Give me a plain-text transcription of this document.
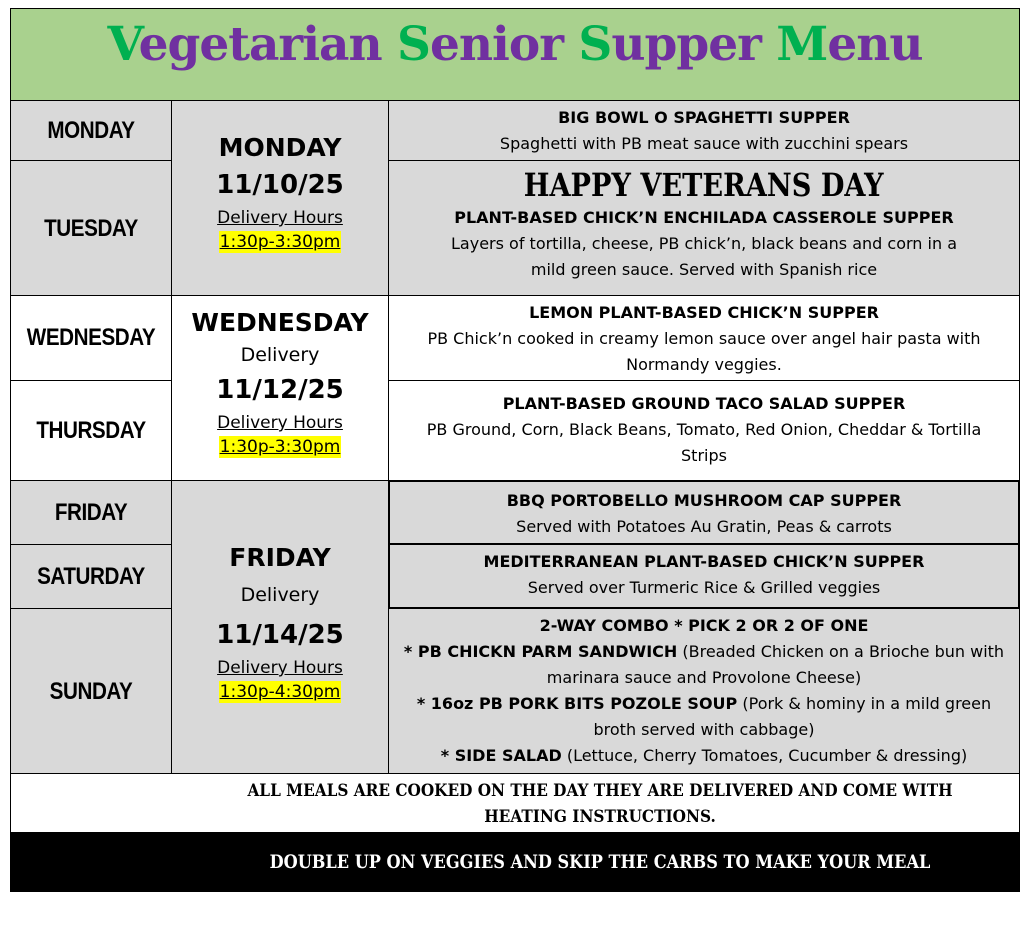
Vegetarian Senior Supper Menu
MONDAY
TUESDAY
WEDNESDAY
THURSDAY
FRIDAY
SATURDAY
SUNDAY
MONDAY
11/10/25
Delivery Hours
1:30p-3:30pm
WEDNESDAY
Delivery
11/12/25
Delivery Hours
1:30p-3:30pm
FRIDAY
Delivery
11/14/25
Delivery Hours
1:30p-4:30pm
BIG BOWL O SPAGHETTI SUPPER
Spaghetti with PB meat sauce with zucchini spears
HAPPY VETERANS DAY
PLANT-BASED CHICK’N ENCHILADA CASSEROLE SUPPER
Layers of tortilla, cheese, PB chick’n, black beans and corn in a
mild green sauce. Served with Spanish rice
LEMON PLANT-BASED CHICK’N SUPPER
PB Chick’n cooked in creamy lemon sauce over angel hair pasta with
Normandy veggies.
PLANT-BASED GROUND TACO SALAD SUPPER
PB Ground, Corn, Black Beans, Tomato, Red Onion, Cheddar & Tortilla
Strips
BBQ PORTOBELLO MUSHROOM CAP SUPPER
Served with Potatoes Au Gratin, Peas & carrots
MEDITERRANEAN PLANT-BASED CHICK’N SUPPER
Served over Turmeric Rice & Grilled veggies
2-WAY COMBO * PICK 2 OR 2 OF ONE
* PB CHICKN PARM SANDWICH (Breaded Chicken on a Brioche bun with
marinara sauce and Provolone Cheese)
* 16oz PB PORK BITS POZOLE SOUP (Pork & hominy in a mild green
broth served with cabbage)
* SIDE SALAD (Lettuce, Cherry Tomatoes, Cucumber & dressing)
ALL MEALS ARE COOKED ON THE DAY THEY ARE DELIVERED AND COME WITH HEATING INSTRUCTIONS.
DOUBLE UP ON VEGGIES AND SKIP THE CARBS TO MAKE YOUR MEAL DIABETIC FRIENDLY
